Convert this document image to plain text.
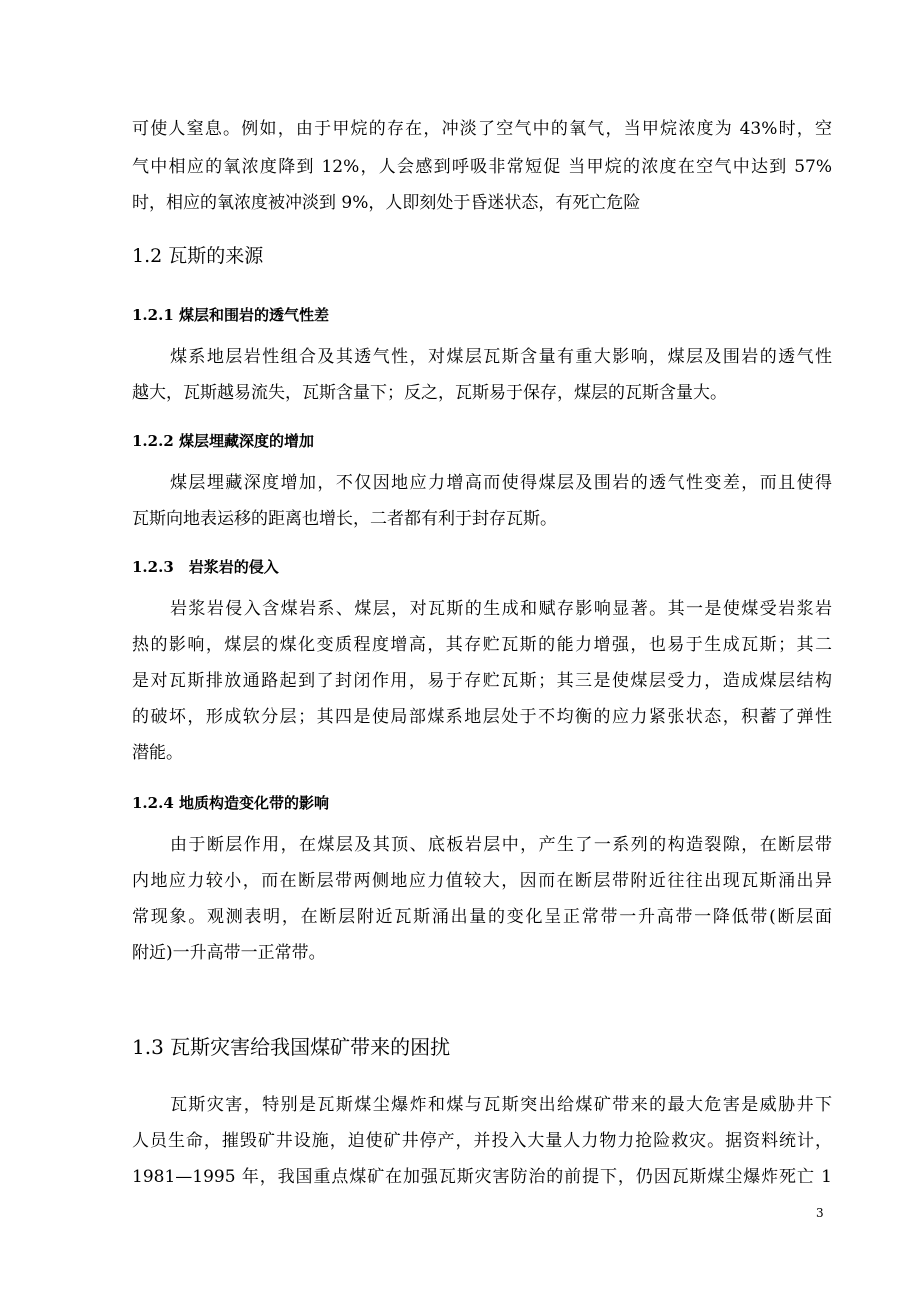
可使人窒息。例如，由于甲烷的存在，冲淡了空气中的氧气，当甲烷浓度为 43%时，空
气中相应的氧浓度降到 12%，人会感到呼吸非常短促 当甲烷的浓度在空气中达到 57%
时，相应的氧浓度被冲淡到 9%，人即刻处于昏迷状态，有死亡危险
1.2 瓦斯的来源
1.2.1 煤层和围岩的透气性差
煤系地层岩性组合及其透气性，对煤层瓦斯含量有重大影响，煤层及围岩的透气性
越大，瓦斯越易流失，瓦斯含量下；反之，瓦斯易于保存，煤层的瓦斯含量大。
1.2.2 煤层埋藏深度的增加
煤层埋藏深度增加，不仅因地应力增高而使得煤层及围岩的透气性变差，而且使得
瓦斯向地表运移的距离也增长，二者都有利于封存瓦斯。
1.2.3　岩浆岩的侵入
岩浆岩侵入含煤岩系、煤层，对瓦斯的生成和赋存影响显著。其一是使煤受岩浆岩
热的影响，煤层的煤化变质程度增高，其存贮瓦斯的能力增强，也易于生成瓦斯；其二
是对瓦斯排放通路起到了封闭作用，易于存贮瓦斯；其三是使煤层受力，造成煤层结构
的破坏，形成软分层；其四是使局部煤系地层处于不均衡的应力紧张状态，积蓄了弹性
潜能。
1.2.4 地质构造变化带的影响
由于断层作用，在煤层及其顶、底板岩层中，产生了一系列的构造裂隙，在断层带
内地应力较小，而在断层带两侧地应力值较大，因而在断层带附近往往出现瓦斯涌出异
常现象。观测表明，在断层附近瓦斯涌出量的变化呈正常带一升高带一降低带(断层面
附近)一升高带一正常带。
1.3 瓦斯灾害给我国煤矿带来的困扰
瓦斯灾害，特别是瓦斯煤尘爆炸和煤与瓦斯突出给煤矿带来的最大危害是威胁井下
人员生命，摧毁矿井设施，迫使矿井停产，并投入大量人力物力抢险救灾。据资料统计，
1981—1995 年，我国重点煤矿在加强瓦斯灾害防治的前提下，仍因瓦斯煤尘爆炸死亡 1
3
